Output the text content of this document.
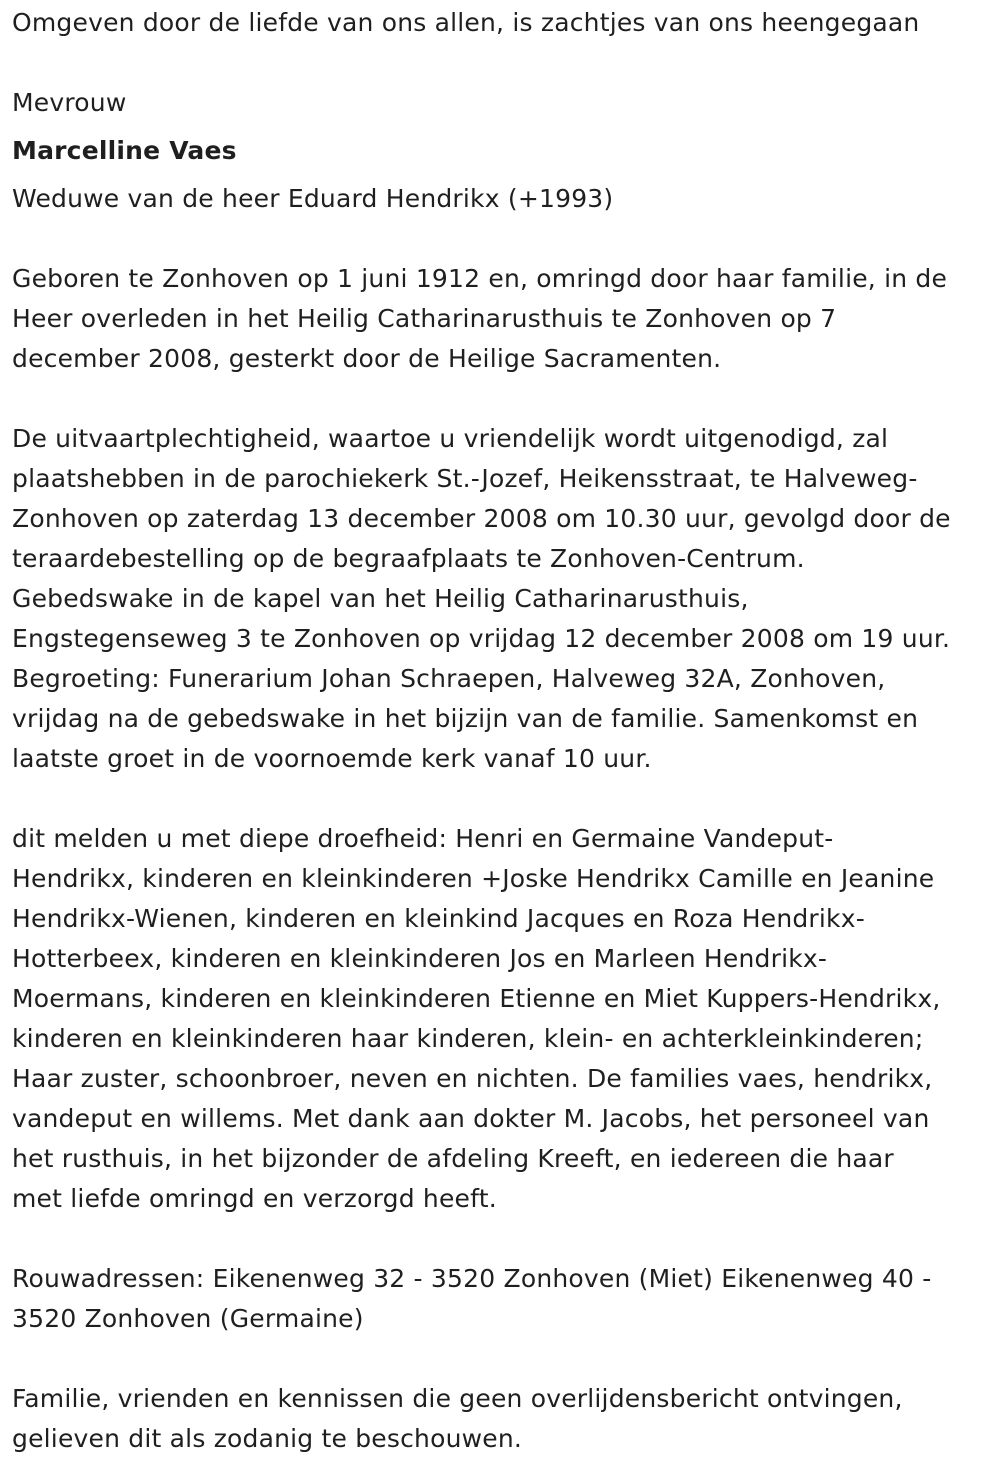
Omgeven door de liefde van ons allen, is zachtjes van ons heengegaan

Mevrouw

Marcelline Vaes

Weduwe van de heer Eduard Hendrikx (+1993)

Geboren te Zonhoven op 1 juni 1912 en, omringd door haar familie, in de

Heer overleden in het Heilig Catharinarusthuis te Zonhoven op 7

december 2008, gesterkt door de Heilige Sacramenten.

De uitvaartplechtigheid, waartoe u vriendelijk wordt uitgenodigd, zal

plaatshebben in de parochiekerk St.-Jozef, Heikensstraat, te Halveweg-

Zonhoven op zaterdag 13 december 2008 om 10.30 uur, gevolgd door de

teraardebestelling op de begraafplaats te Zonhoven-Centrum.

Gebedswake in de kapel van het Heilig Catharinarusthuis,

Engstegenseweg 3 te Zonhoven op vrijdag 12 december 2008 om 19 uur.

Begroeting: Funerarium Johan Schraepen, Halveweg 32A, Zonhoven,

vrijdag na de gebedswake in het bijzijn van de familie. Samenkomst en

laatste groet in de voornoemde kerk vanaf 10 uur.

dit melden u met diepe droefheid: Henri en Germaine Vandeput-

Hendrikx, kinderen en kleinkinderen +Joske Hendrikx Camille en Jeanine

Hendrikx-Wienen, kinderen en kleinkind Jacques en Roza Hendrikx-

Hotterbeex, kinderen en kleinkinderen Jos en Marleen Hendrikx-

Moermans, kinderen en kleinkinderen Etienne en Miet Kuppers-Hendrikx,

kinderen en kleinkinderen haar kinderen, klein- en achterkleinkinderen;

Haar zuster, schoonbroer, neven en nichten. De families vaes, hendrikx,

vandeput en willems. Met dank aan dokter M. Jacobs, het personeel van

het rusthuis, in het bijzonder de afdeling Kreeft, en iedereen die haar

met liefde omringd en verzorgd heeft.

Rouwadressen: Eikenenweg 32 - 3520 Zonhoven (Miet) Eikenenweg 40 -

3520 Zonhoven (Germaine)

Familie, vrienden en kennissen die geen overlijdensbericht ontvingen,

gelieven dit als zodanig te beschouwen.
